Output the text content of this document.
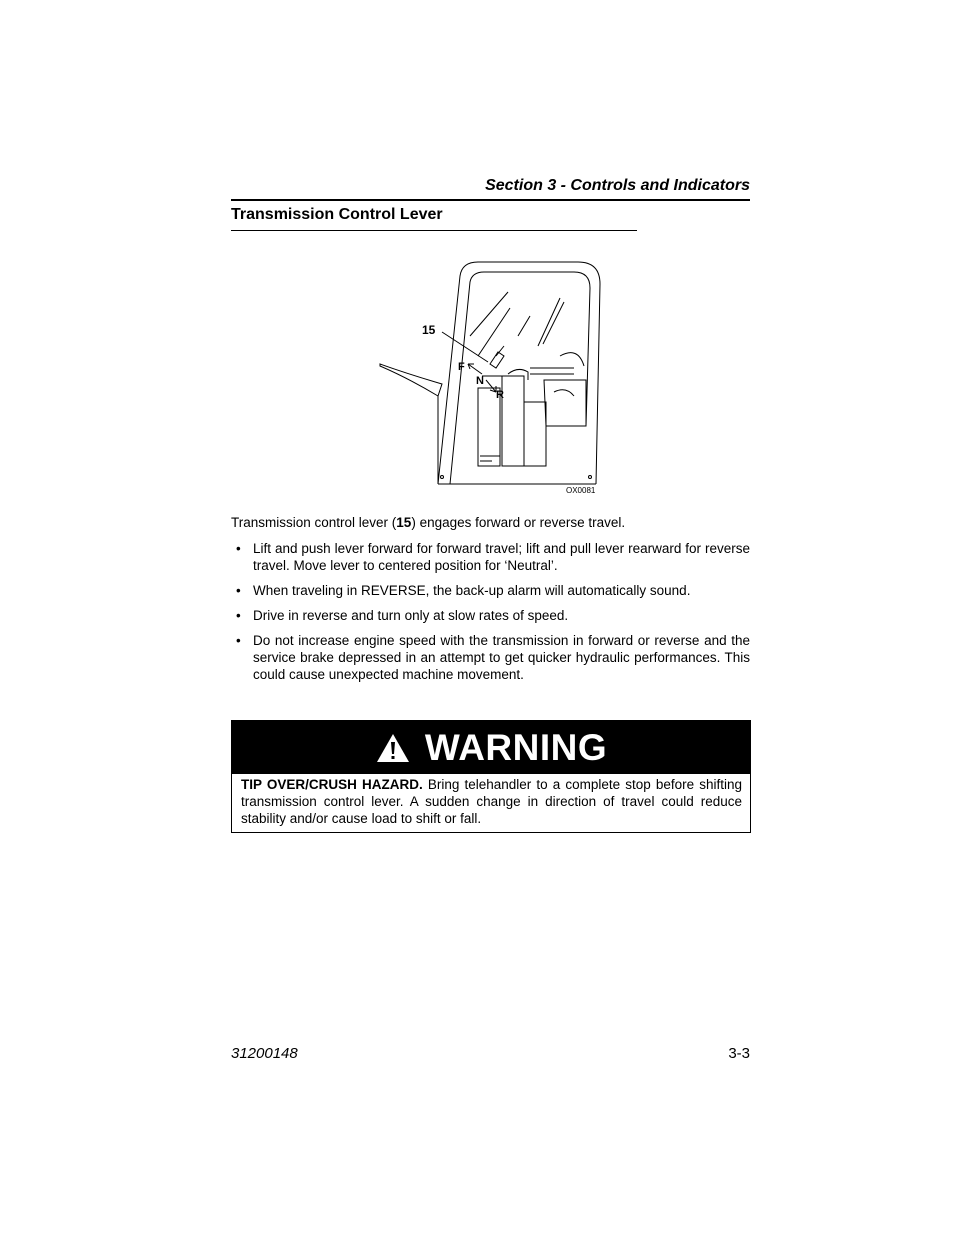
Section 3 - Controls and Indicators
Transmission Control Lever
15
F
N
R
OX0081
Transmission control lever (15) engages forward or reverse travel.
• Lift and push lever forward for forward travel; lift and pull lever rearward for reverse travel. Move lever to centered position for ‘Neutral’.
• When traveling in REVERSE, the back-up alarm will automatically sound.
• Drive in reverse and turn only at slow rates of speed.
• Do not increase engine speed with the transmission in forward or reverse and the service brake depressed in an attempt to get quicker hydraulic performances. This could cause unexpected machine movement.
WARNING
TIP OVER/CRUSH HAZARD. Bring telehandler to a complete stop before shifting transmission control lever. A sudden change in direction of travel could reduce stability and/or cause load to shift or fall.
31200148	3-3
